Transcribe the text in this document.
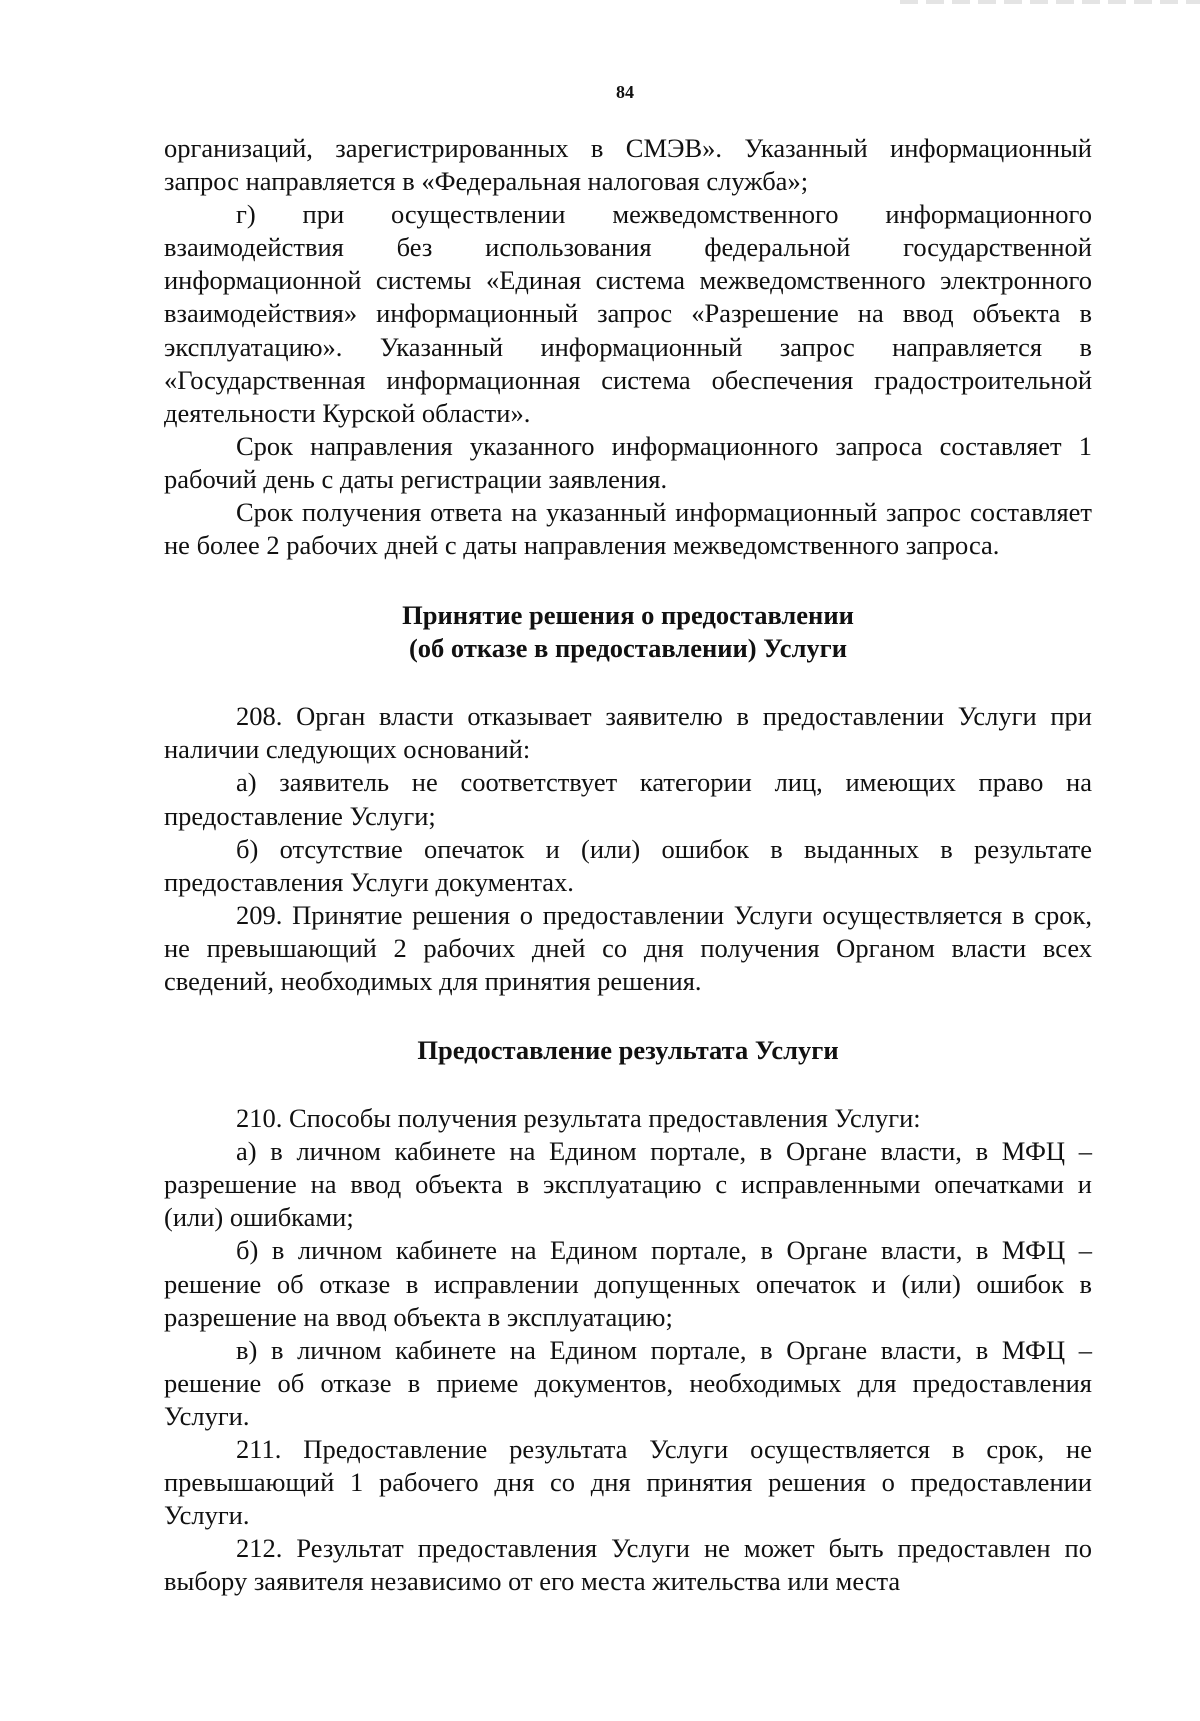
84

организаций, зарегистрированных в СМЭВ». Указанный информационный запрос направляется в «Федеральная налоговая служба»;

г) при осуществлении межведомственного информационного взаимодействия без использования федеральной государственной информационной системы «Единая система межведомственного электронного взаимодействия» информационный запрос «Разрешение на ввод объекта в эксплуатацию». Указанный информационный запрос направляется в «Государственная информационная система обеспечения градостроительной деятельности Курской области».

Срок направления указанного информационного запроса составляет 1 рабочий день с даты регистрации заявления.

Срок получения ответа на указанный информационный запрос составляет не более 2 рабочих дней с даты направления межведомственного запроса.

Принятие решения о предоставлении
(об отказе в предоставлении) Услуги

208. Орган власти отказывает заявителю в предоставлении Услуги при наличии следующих оснований:

а) заявитель не соответствует категории лиц, имеющих право на предоставление Услуги;

б) отсутствие опечаток и (или) ошибок в выданных в результате предоставления Услуги документах.

209. Принятие решения о предоставлении Услуги осуществляется в срок, не превышающий 2 рабочих дней со дня получения Органом власти всех сведений, необходимых для принятия решения.

Предоставление результата Услуги

210. Способы получения результата предоставления Услуги:

а) в личном кабинете на Едином портале, в Органе власти, в МФЦ – разрешение на ввод объекта в эксплуатацию с исправленными опечатками и (или) ошибками;

б) в личном кабинете на Едином портале, в Органе власти, в МФЦ – решение об отказе в исправлении допущенных опечаток и (или) ошибок в разрешение на ввод объекта в эксплуатацию;

в) в личном кабинете на Едином портале, в Органе власти, в МФЦ – решение об отказе в приеме документов, необходимых для предоставления Услуги.

211. Предоставление результата Услуги осуществляется в срок, не превышающий 1 рабочего дня со дня принятия решения о предоставлении Услуги.

212. Результат предоставления Услуги не может быть предоставлен по выбору заявителя независимо от его места жительства или места
